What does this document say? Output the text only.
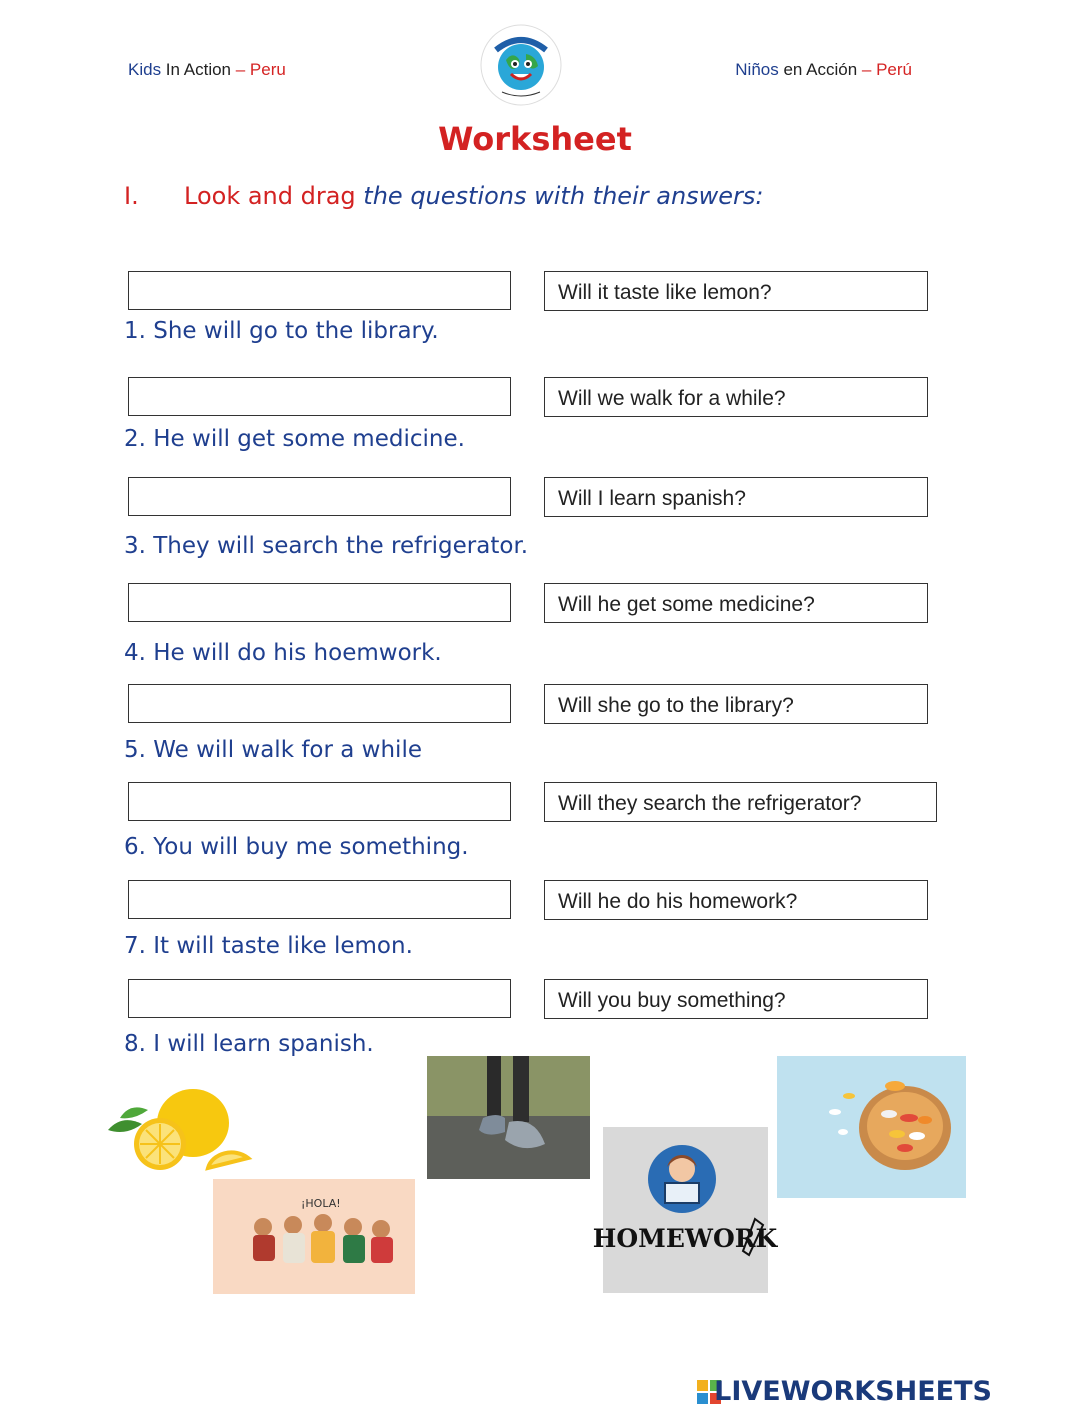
Kids In Action – Peru	Niños en Acción – Perú
Worksheet
I. Look and drag the questions with their answers:
Will it taste like lemon?
1. She will go to the library.
Will we walk for a while?
2. He will get some medicine.
Will I learn spanish?
3. They will search the refrigerator.
Will he get some medicine?
4. He will do his hoemwork.
Will she go to the library?
5. We will walk for a while
Will they search the refrigerator?
6. You will buy me something.
Will he do his homework?
7. It will taste like lemon.
Will you buy something?
8. I will learn spanish.
¡HOLA!
HOMEWORK
LIVEWORKSHEETS
